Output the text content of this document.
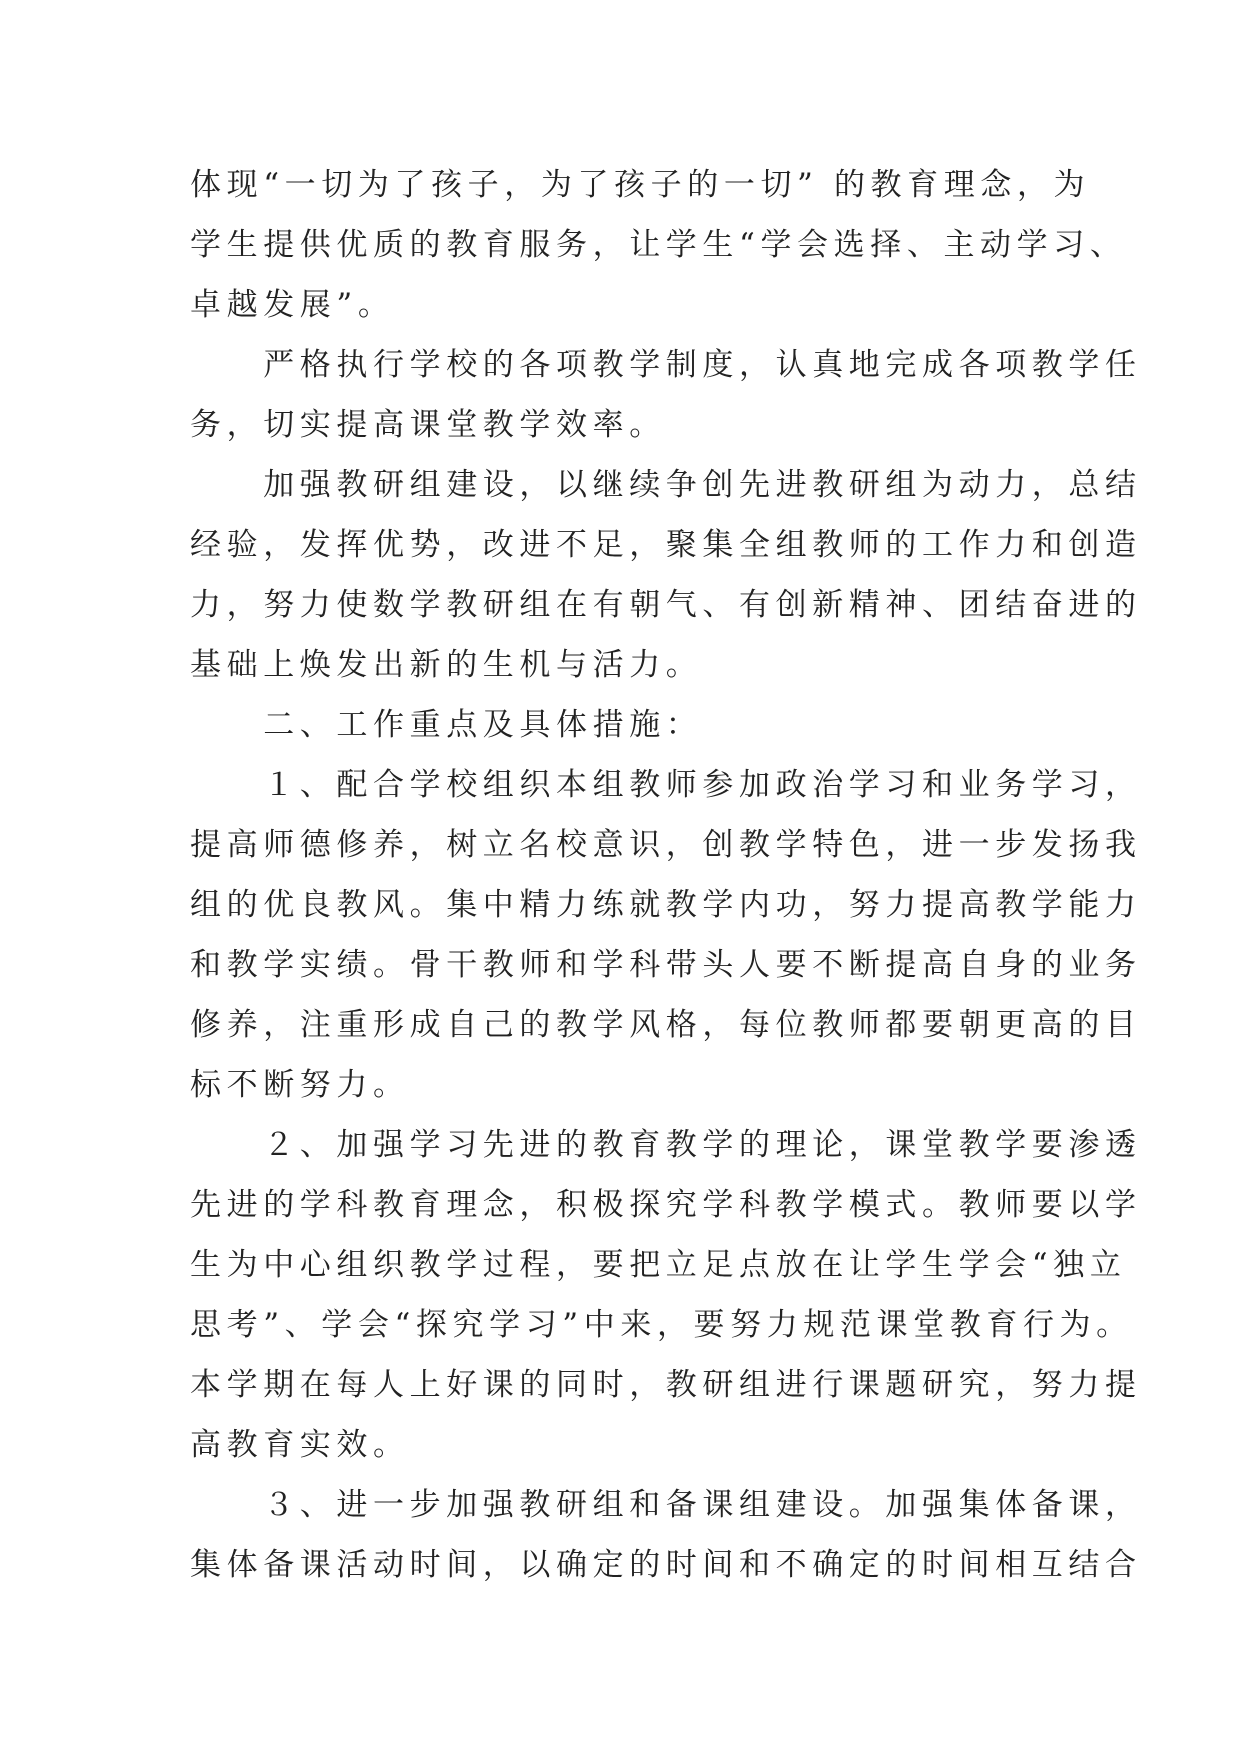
体现“一切为了孩子，为了孩子的一切” 的教育理念，为

学生提供优质的教育服务，让学生“学会选择、主动学习、

卓越发展”。

　　严格执行学校的各项教学制度，认真地完成各项教学任

务，切实提高课堂教学效率。

　　加强教研组建设，以继续争创先进教研组为动力，总结

经验，发挥优势，改进不足，聚集全组教师的工作力和创造

力，努力使数学教研组在有朝气、有创新精神、团结奋进的

基础上焕发出新的生机与活力。

　　二、工作重点及具体措施：

　　１、配合学校组织本组教师参加政治学习和业务学习，

提高师德修养，树立名校意识，创教学特色，进一步发扬我

组的优良教风。集中精力练就教学内功，努力提高教学能力

和教学实绩。骨干教师和学科带头人要不断提高自身的业务

修养，注重形成自己的教学风格，每位教师都要朝更高的目

标不断努力。

　　２、加强学习先进的教育教学的理论，课堂教学要渗透

先进的学科教育理念，积极探究学科教学模式。教师要以学

生为中心组织教学过程，要把立足点放在让学生学会“独立

思考”、学会“探究学习”中来，要努力规范课堂教育行为。

本学期在每人上好课的同时，教研组进行课题研究，努力提

高教育实效。

　　３、进一步加强教研组和备课组建设。加强集体备课，

集体备课活动时间，以确定的时间和不确定的时间相互结合
